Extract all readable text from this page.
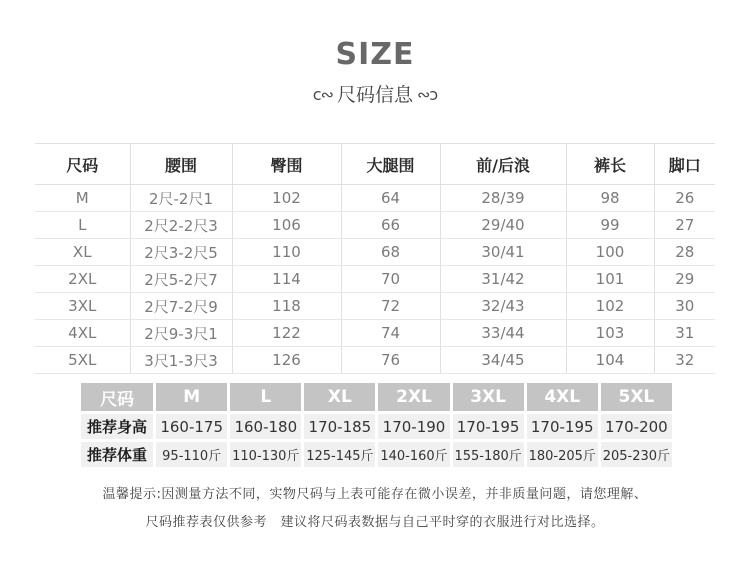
SIZE
c∾ 尺码信息 ∾ɔ
尺码	腰围	臀围	大腿围	前/后浪	裤长	脚口
M	2尺-2尺1	102	64	28/39	98	26
L	2尺2-2尺3	106	66	29/40	99	27
XL	2尺3-2尺5	110	68	30/41	100	28
2XL	2尺5-2尺7	114	70	31/42	101	29
3XL	2尺7-2尺9	118	72	32/43	102	30
4XL	2尺9-3尺1	122	74	33/44	103	31
5XL	3尺1-3尺3	126	76	34/45	104	32
尺码	M	L	XL	2XL	3XL	4XL	5XL
推荐身高	160-175	160-180	170-185	170-190	170-195	170-195	170-200
推荐体重	95-110斤	110-130斤	125-145斤	140-160斤	155-180斤	180-205斤	205-230斤
温馨提示:因测量方法不同，实物尺码与上表可能存在微小误差，并非质量问题，请您理解、
尺码推荐表仅供参考　建议将尺码表数据与自己平时穿的衣服进行对比选择。
